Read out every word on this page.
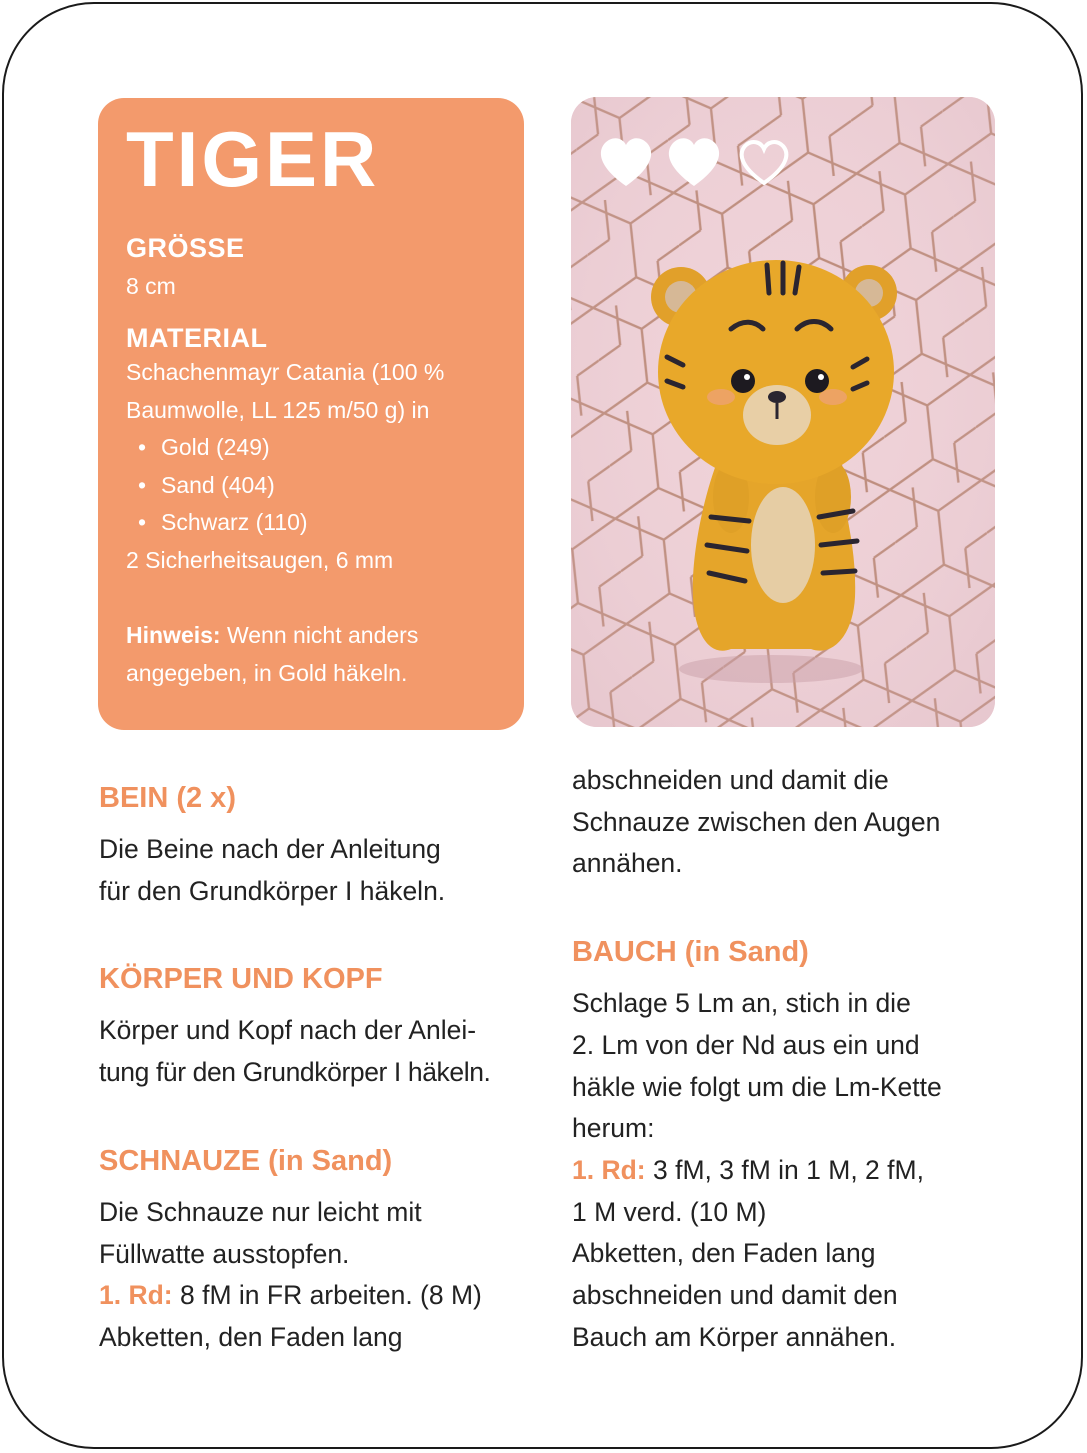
TIGER
GRÖSSE
8 cm
MATERIAL
Schachenmayr Catania (100 %
Baumwolle, LL 125 m/50 g) in
• Gold (249)
• Sand (404)
• Schwarz (110)
2 Sicherheitsaugen, 6 mm
Hinweis: Wenn nicht anders
angegeben, in Gold häkeln.
BEIN (2 x)
Die Beine nach der Anleitung
für den Grundkörper I häkeln.
KÖRPER UND KOPF
Körper und Kopf nach der Anlei-
tung für den Grundkörper I häkeln.
SCHNAUZE (in Sand)
Die Schnauze nur leicht mit
Füllwatte ausstopfen.
1. Rd: 8 fM in FR arbeiten. (8 M)
Abketten, den Faden lang
abschneiden und damit die
Schnauze zwischen den Augen
annähen.
BAUCH (in Sand)
Schlage 5 Lm an, stich in die
2. Lm von der Nd aus ein und
häkle wie folgt um die Lm-Kette
herum:
1. Rd: 3 fM, 3 fM in 1 M, 2 fM,
1 M verd. (10 M)
Abketten, den Faden lang
abschneiden und damit den
Bauch am Körper annähen.
